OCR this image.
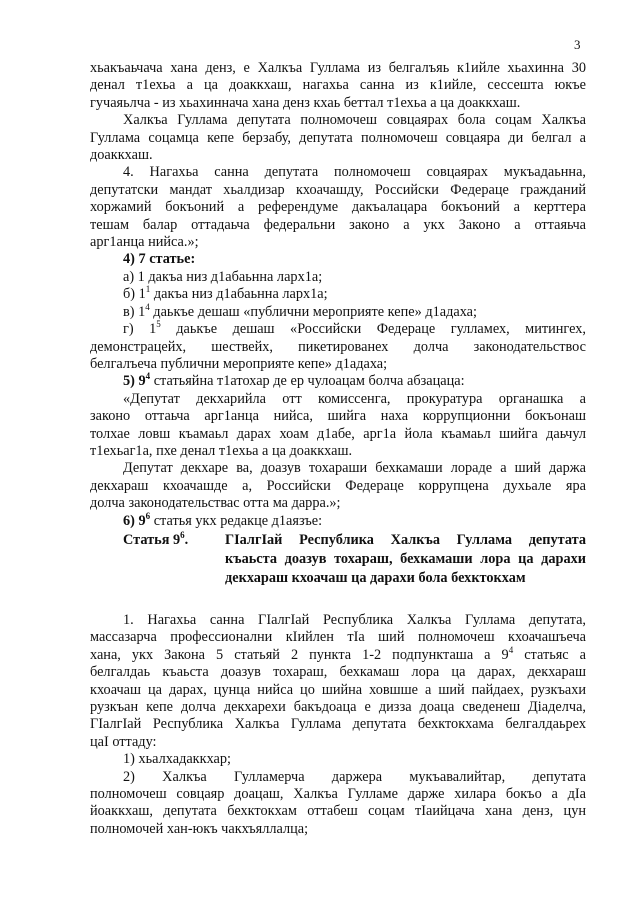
3
хьакъаьчача хана денз, е Халкъа Гуллама из белгалъяь к1ийле хьахинна 30
денал т1ехьа а ца доаккхаш, нагахьа санна из к1ийле, сессешта юкъе
гучаяьлча - из хьахиннача хана денз кхаь беттал т1ехьа а ца доаккхаш.
Халкъа Гуллама депутата полномочеш совцаярах бола соцам Халкъа
Гуллама соцамца кепе берзабу, депутата полномочеш совцаяра ди белгал а
доаккхаш.
4. Нагахьа санна депутата полномочеш совцаярах мукъадаьнна,
депутатски мандат хьалдизар кхоачашду, Российски Федераце гражданий
хоржамий бокъоний а референдуме дакъалацара бокъоний а керттера
тешам балар оттадаьча федеральни законо а укх Законо а оттаяьча
арг1анца нийса.»;
4) 7 статье:
а) 1 дакъа низ д1абаьнна ларх1а;
б) $1^1$ дакъа низ д1абаьнна ларх1а;
в) $1^4$ даькъе дешаш «публични мероприяте кепе» д1адаха;
г) $1^5$ даькъе дешаш «Российски Федераце гулламех, митингех,
демонстрацейх, шествейх, пикетированех долча законодательствос
белгалъеча публични мероприяте кепе» д1адаха;
5) $9^4$ статьяйна т1атохар де ер чулоацам болча абзацаца:
«Депутат декхарийла отт комиссенга, прокуратура органашка а
законо оттаьча арг1анца нийса, шийга наха коррупционни бокъонаш
толхае ловш къамаьл дарах хоам д1абе, арг1а йола къамаьл шийга даьчул
т1ехьаг1а, пхе денал т1ехьа а ца доаккхаш.
Депутат декхаре ва, доазув тохараши бехкамаши лораде а ший даржа
декхараш кхоачашде а, Российски Федераце коррупцена духьале яра
долча законодательствас отта ма дарра.»;
6) $9^6$ статья укх редакце д1аязъе:
Статья $9^6$.	ГIалгIай Республика Халкъа Гуллама депутата къаьста доазув тохараш, бехкамаши лора ца дарахи декхараш кхоачаш ца дарахи бола бехктокхам
1. Нагахьа санна ГIалгIай Республика Халкъа Гуллама депутата,
массазарча профессионални кIийлен тIа ший полномочеш кхоачашъеча
хана, укх Закона 5 статьяй 2 пункта 1-2 подпункташа а $9^4$ статьяс а
белгалдаь къаьста доазув тохараш, бехкамаш лора ца дарах, декхараш
кхоачаш ца дарах, цунца нийса цо шийна ховшше а ший пайдаех, рузкъахи
рузкъан кепе долча декхарехи бакъдоаца е дизза доаца сведенеш Дiаделча,
ГIалгIай Республика Халкъа Гуллама депутата бехктокхама белгалдаьрех
цаI оттаду:
1) хьалхадаккхар;
2) Халкъа Гулламерча даржера мукъавалийтар, депутата
полномочеш совцаяр доацаш, Халкъа Гулламе дарже хилара бокъо а дIа
йоаккхаш, депутата бехктокхам оттабеш соцам тIаийцача хана денз, цун
полномочей хан-юкъ чакхъяллалца;
